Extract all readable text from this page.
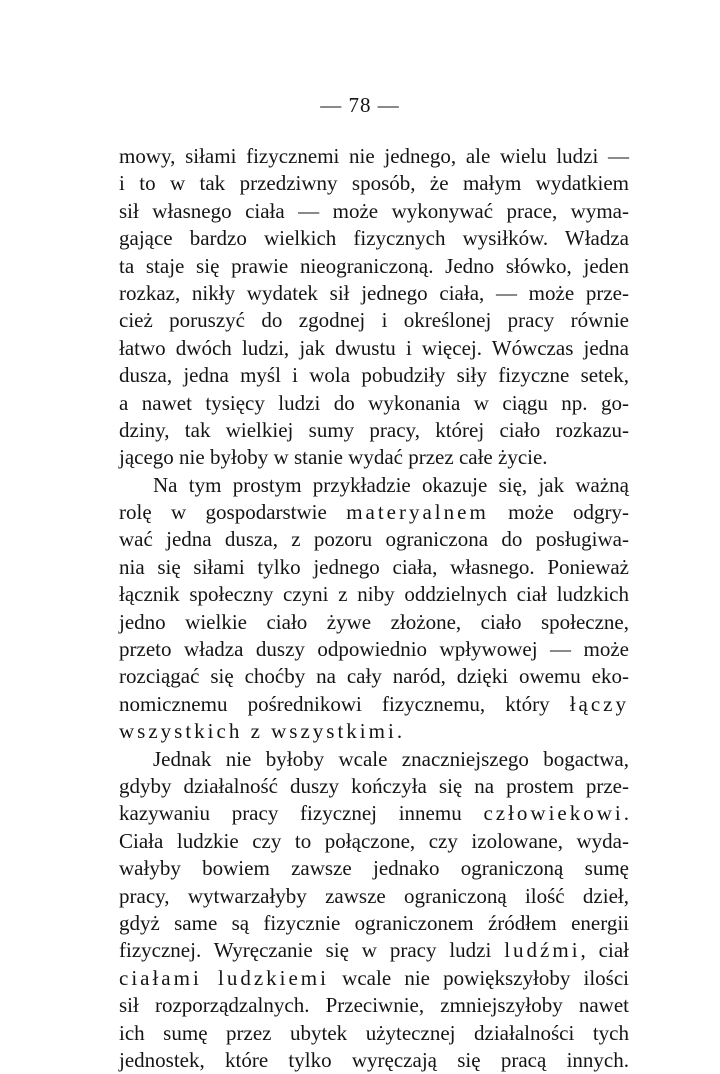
— 78 —
mowy, siłami fizycznemi nie jednego, ale wielu ludzi —
i to w tak przedziwny sposób, że małym wydatkiem
sił własnego ciała — może wykonywać prace, wyma-
gające bardzo wielkich fizycznych wysiłków. Władza
ta staje się prawie nieograniczoną. Jedno słówko, jeden
rozkaz, nikły wydatek sił jednego ciała, — może prze-
cież poruszyć do zgodnej i określonej pracy równie
łatwo dwóch ludzi, jak dwustu i więcej. Wówczas jedna
dusza, jedna myśl i wola pobudziły siły fizyczne setek,
a nawet tysięcy ludzi do wykonania w ciągu np. go-
dziny, tak wielkiej sumy pracy, której ciało rozkazu-
jącego nie byłoby w stanie wydać przez całe życie.
Na tym prostym przykładzie okazuje się, jak ważną
rolę w gospodarstwie materyalnem może odgry-
wać jedna dusza, z pozoru ograniczona do posługiwa-
nia się siłami tylko jednego ciała, własnego. Ponieważ
łącznik społeczny czyni z niby oddzielnych ciał ludzkich
jedno wielkie ciało żywe złożone, ciało społeczne,
przeto władza duszy odpowiednio wpływowej — może
rozciągać się choćby na cały naród, dzięki owemu eko-
nomicznemu pośrednikowi fizycznemu, który łączy
wszystkich z wszystkimi.
Jednak nie byłoby wcale znaczniejszego bogactwa,
gdyby działalność duszy kończyła się na prostem prze-
kazywaniu pracy fizycznej innemu człowiekowi.
Ciała ludzkie czy to połączone, czy izolowane, wyda-
wałyby bowiem zawsze jednako ograniczoną sumę
pracy, wytwarzałyby zawsze ograniczoną ilość dzieł,
gdyż same są fizycznie ograniczonem źródłem energii
fizycznej. Wyręczanie się w pracy ludzi ludźmi, ciał
ciałami ludzkiemi wcale nie powiększyłoby ilości
sił rozporządzalnych. Przeciwnie, zmniejszyłoby nawet
ich sumę przez ubytek użytecznej działalności tych
jednostek, które tylko wyręczają się pracą innych.
